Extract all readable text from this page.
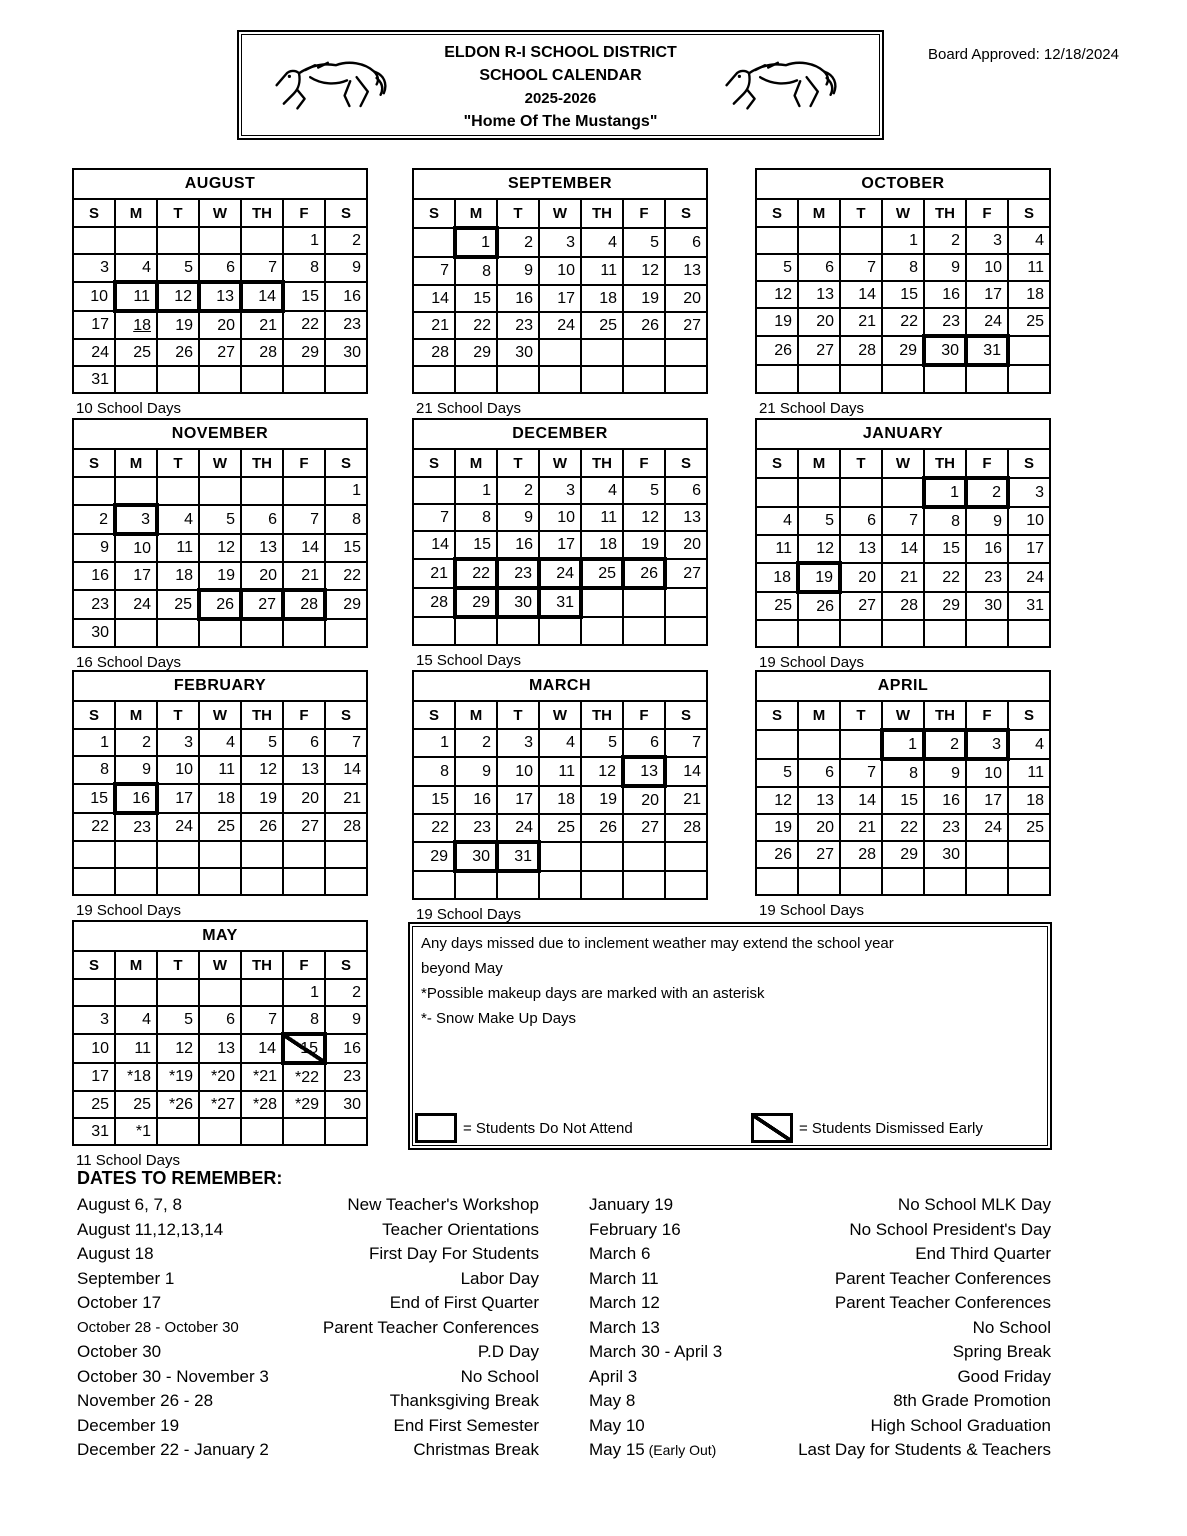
ELDON R-I SCHOOL DISTRICT
SCHOOL CALENDAR
2025-2026
"Home Of The Mustangs"
Board Approved: 12/18/2024
AUGUST						
S	M	T	W	TH	F	S
					1	2
3	4	5	6	7	8	9
10	11	12	13	14	15	16
17	18	19	20	21	22	23
24	25	26	27	28	29	30
31						
10 School Days
SEPTEMBER						
S	M	T	W	TH	F	S
	1	2	3	4	5	6
7	8	9	10	11	12	13
14	15	16	17	18	19	20
21	22	23	24	25	26	27
28	29	30				

21 School Days
OCTOBER						
S	M	T	W	TH	F	S
			1	2	3	4
5	6	7	8	9	10	11
12	13	14	15	16	17	18
19	20	21	22	23	24	25
26	27	28	29	30	31	

21 School Days
NOVEMBER						
S	M	T	W	TH	F	S
						1
2	3	4	5	6	7	8
9	10	11	12	13	14	15
16	17	18	19	20	21	22
23	24	25	26	27	28	29
30						
16 School Days
DECEMBER						
S	M	T	W	TH	F	S
	1	2	3	4	5	6
7	8	9	10	11	12	13
14	15	16	17	18	19	20
21	22	23	24	25	26	27
28	29	30	31			

15 School Days
JANUARY						
S	M	T	W	TH	F	S
				1	2	3
4	5	6	7	8	9	10
11	12	13	14	15	16	17
18	19	20	21	22	23	24
25	26	27	28	29	30	31

19 School Days
FEBRUARY						
S	M	T	W	TH	F	S
1	2	3	4	5	6	7
8	9	10	11	12	13	14
15	16	17	18	19	20	21
22	23	24	25	26	27	28

19 School Days
MARCH						
S	M	T	W	TH	F	S
1	2	3	4	5	6	7
8	9	10	11	12	13	14
15	16	17	18	19	20	21
22	23	24	25	26	27	28
29	30	31				

19 School Days
APRIL						
S	M	T	W	TH	F	S
			1	2	3	4
5	6	7	8	9	10	11
12	13	14	15	16	17	18
19	20	21	22	23	24	25
26	27	28	29	30		

19 School Days
MAY						
S	M	T	W	TH	F	S
					1	2
3	4	5	6	7	8	9
10	11	12	13	14	15	16
17	*18	*19	*20	*21	*22	23
25	25	*26	*27	*28	*29	30
31	*1					
11 School Days
Any days missed due to inclement weather may extend the school year
beyond May
*Possible makeup days are marked with an asterisk
*- Snow Make Up Days
= Students Do Not Attend	= Students Dismissed Early
DATES TO REMEMBER:
August 6, 7, 8	New Teacher's Workshop
August 11,12,13,14	Teacher Orientations
August 18	First Day For Students
September 1	Labor Day
October 17	End of First Quarter
October 28 - October 30	Parent Teacher Conferences
October 30	P.D Day
October 30 - November 3	No School
November 26 - 28	Thanksgiving Break
December 19	End First Semester
December 22 - January 2	Christmas Break
January 19	No School MLK Day
February 16	No School President's Day
March 6	End Third Quarter
March 11	Parent Teacher Conferences
March 12	Parent Teacher Conferences
March 13	No School
March 30 - April 3	Spring Break
April 3	Good Friday
May 8	8th Grade Promotion
May 10	High School Graduation
May 15 (Early Out)	Last Day for Students & Teachers
